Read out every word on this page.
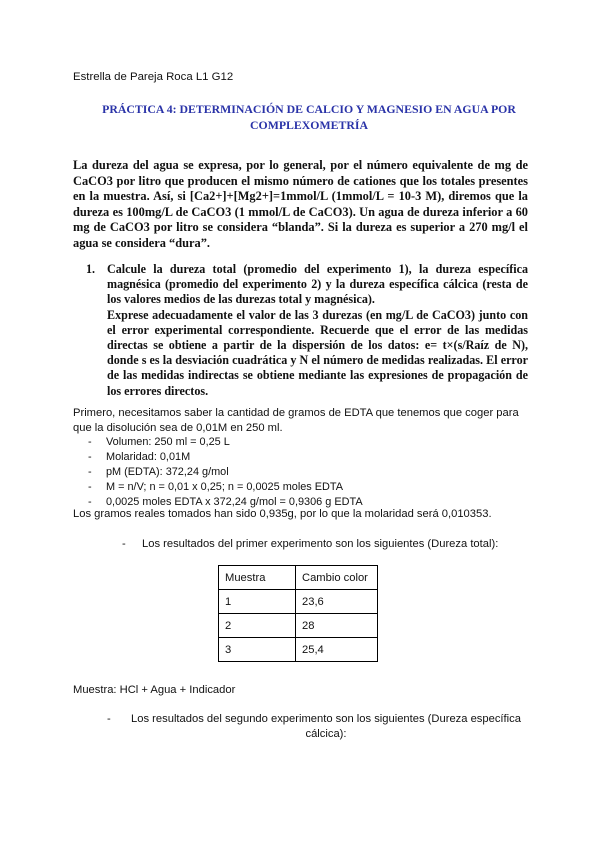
Estrella de Pareja Roca L1 G12
PRÁCTICA 4: DETERMINACIÓN DE CALCIO Y MAGNESIO EN AGUA POR COMPLEXOMETRÍA
La dureza del agua se expresa, por lo general, por el número equivalente de mg de CaCO3 por litro que producen el mismo número de cationes que los totales presentes en la muestra. Así, si [Ca2+]+[Mg2+]=1mmol/L (1mmol/L = 10-3 M), diremos que la dureza es 100mg/L de CaCO3 (1 mmol/L de CaCO3). Un agua de dureza inferior a 60 mg de CaCO3 por litro se considera “blanda”. Si la dureza es superior a 270 mg/l el agua se considera “dura”.
1. Calcule la dureza total (promedio del experimento 1), la dureza específica magnésica (promedio del experimento 2) y la dureza específica cálcica (resta de los valores medios de las durezas total y magnésica).

Exprese adecuadamente el valor de las 3 durezas (en mg/L de CaCO3) junto con el error experimental correspondiente. Recuerde que el error de las medidas directas se obtiene a partir de la dispersión de los datos: e= t×(s/Raíz de N), donde s es la desviación cuadrática y N el número de medidas realizadas. El error de las medidas indirectas se obtiene mediante las expresiones de propagación de los errores directos.

Primero, necesitamos saber la cantidad de gramos de EDTA que tenemos que coger para que la disolución sea de 0,01M en 250 ml.
- Volumen: 250 ml = 0,25 L
- Molaridad: 0,01M
- pM (EDTA): 372,24 g/mol
- M = n/V; n = 0,01 x 0,25; n = 0,0025 moles EDTA
- 0,0025 moles EDTA x 372,24 g/mol = 0,9306 g EDTA
Los gramos reales tomados han sido 0,935g, por lo que la molaridad será 0,010353.
- Los resultados del primer experimento son los siguientes (Dureza total):
Muestra	Cambio color
1	23,6
2	28
3	25,4
Muestra: HCl + Agua + Indicador
-	Los resultados del segundo experimento son los siguientes (Dureza específica cálcica):
